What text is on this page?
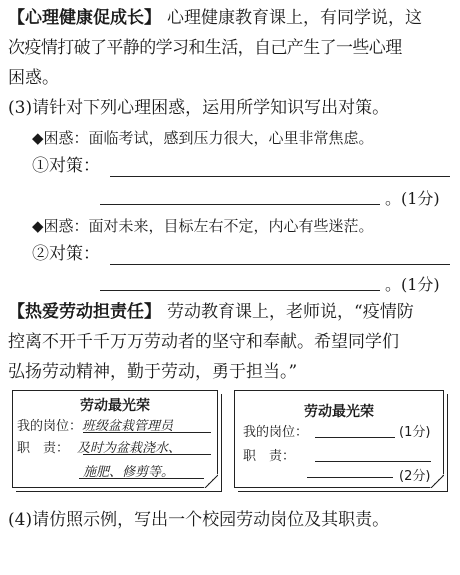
【心理健康促成长】 心理健康教育课上，有同学说，这
次疫情打破了平静的学习和生活，自己产生了一些心理
困惑。
(3)请针对下列心理困惑，运用所学知识写出对策。
◆困惑：面临考试，感到压力很大，心里非常焦虑。
①对策：
。(1分)
◆困惑：面对未来，目标左右不定，内心有些迷茫。
②对策：
。(1分)
【热爱劳动担责任】 劳动教育课上，老师说，“疫情防
控离不开千千万万劳动者的坚守和奉献。希望同学们
弘扬劳动精神，勤于劳动，勇于担当。”
劳动最光荣
我的岗位：班级盆栽管理员
职　责： 及时为盆栽浇水、
施肥、修剪等。
劳动最光荣
我的岗位：	(1分)
职　责：
(2分)
(4)请仿照示例，写出一个校园劳动岗位及其职责。
